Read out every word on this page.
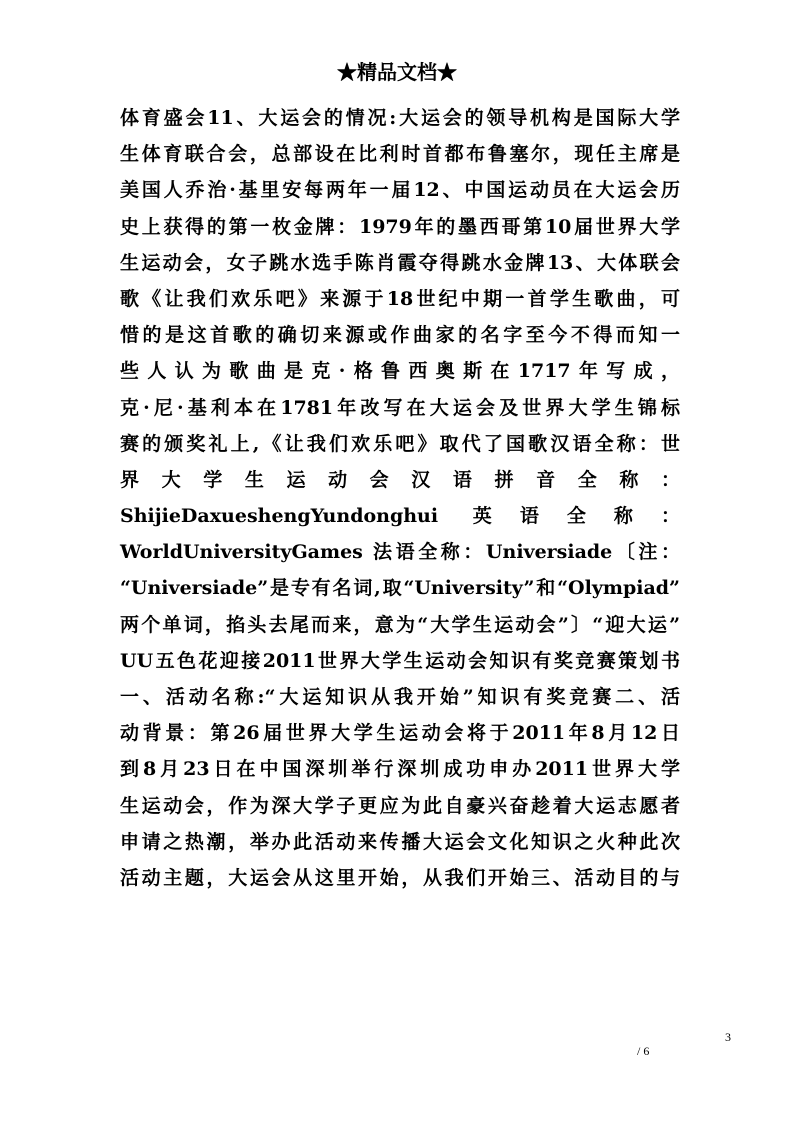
★精品文档★
体育盛会11、大运会的情况:大运会的领导机构是国际大学
生体育联合会，总部设在比利时首都布鲁塞尔，现任主席是
美国人乔治·基里安每两年一届12、中国运动员在大运会历
史上获得的第一枚金牌：1979年的墨西哥第10届世界大学
生运动会，女子跳水选手陈肖霞夺得跳水金牌13、大体联会
歌《让我们欢乐吧》来源于18世纪中期一首学生歌曲，可
惜的是这首歌的确切来源或作曲家的名字至今不得而知一
些人认为歌曲是克·格鲁西奥斯在1717年写成，
克·尼·基利本在1781年改写在大运会及世界大学生锦标
赛的颁奖礼上,《让我们欢乐吧》取代了国歌汉语全称：世
界大学生运动会汉语拼音全称：
ShijieDaxueshengYundonghui 英语全称：
WorldUniversityGames 法语全称：Universiade〔注：
“Universiade”是专有名词,取“University”和“Olympiad”
两个单词，掐头去尾而来，意为“大学生运动会”〕“迎大运”
UU五色花迎接2011世界大学生运动会知识有奖竞赛策划书
一、活动名称:“大运知识从我开始”知识有奖竞赛二、活
动背景：第26届世界大学生运动会将于2011年8月12日
到8月23日在中国深圳举行深圳成功申办2011世界大学
生运动会，作为深大学子更应为此自豪兴奋趁着大运志愿者
申请之热潮，举办此活动来传播大运会文化知识之火种此次
活动主题，大运会从这里开始，从我们开始三、活动目的与
3
/ 6
